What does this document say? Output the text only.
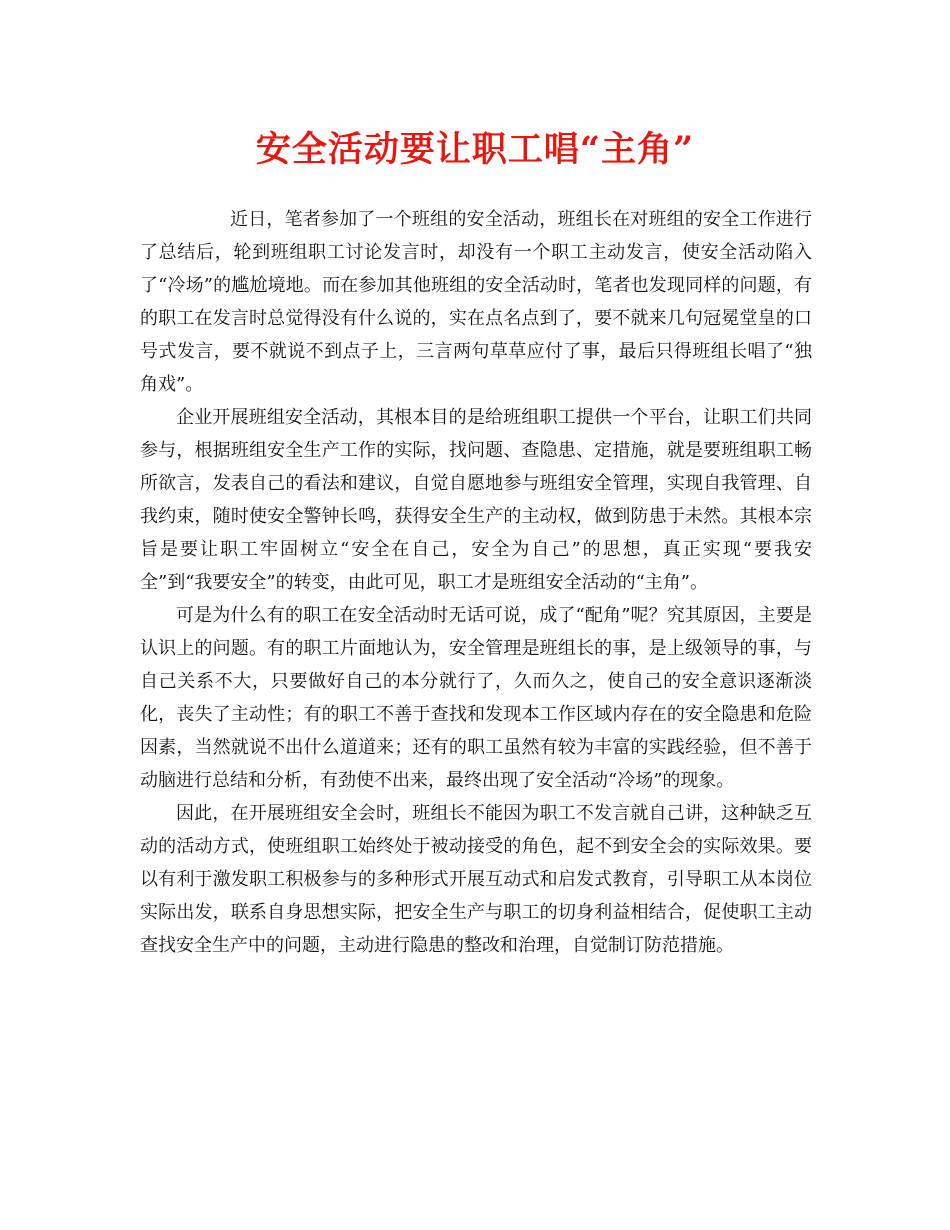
安全活动要让职工唱“主角”

近日，笔者参加了一个班组的安全活动，班组长在对班组的安全工作进行了总结后，轮到班组职工讨论发言时，却没有一个职工主动发言，使安全活动陷入了“冷场”的尴尬境地。而在参加其他班组的安全活动时，笔者也发现同样的问题，有的职工在发言时总觉得没有什么说的，实在点名点到了，要不就来几句冠冕堂皇的口号式发言，要不就说不到点子上，三言两句草草应付了事，最后只得班组长唱了“独角戏”。

企业开展班组安全活动，其根本目的是给班组职工提供一个平台，让职工们共同参与，根据班组安全生产工作的实际，找问题、查隐患、定措施，就是要班组职工畅所欲言，发表自己的看法和建议，自觉自愿地参与班组安全管理，实现自我管理、自我约束，随时使安全警钟长鸣，获得安全生产的主动权，做到防患于未然。其根本宗旨是要让职工牢固树立“安全在自己，安全为自己”的思想，真正实现“要我安全”到“我要安全”的转变，由此可见，职工才是班组安全活动的“主角”。

可是为什么有的职工在安全活动时无话可说，成了“配角”呢？究其原因，主要是认识上的问题。有的职工片面地认为，安全管理是班组长的事，是上级领导的事，与自己关系不大，只要做好自己的本分就行了，久而久之，使自己的安全意识逐渐淡化，丧失了主动性；有的职工不善于查找和发现本工作区域内存在的安全隐患和危险因素，当然就说不出什么道道来；还有的职工虽然有较为丰富的实践经验，但不善于动脑进行总结和分析，有劲使不出来，最终出现了安全活动“冷场”的现象。

因此，在开展班组安全会时，班组长不能因为职工不发言就自己讲，这种缺乏互动的活动方式，使班组职工始终处于被动接受的角色，起不到安全会的实际效果。要以有利于激发职工积极参与的多种形式开展互动式和启发式教育，引导职工从本岗位实际出发，联系自身思想实际，把安全生产与职工的切身利益相结合，促使职工主动查找安全生产中的问题，主动进行隐患的整改和治理，自觉制订防范措施。
